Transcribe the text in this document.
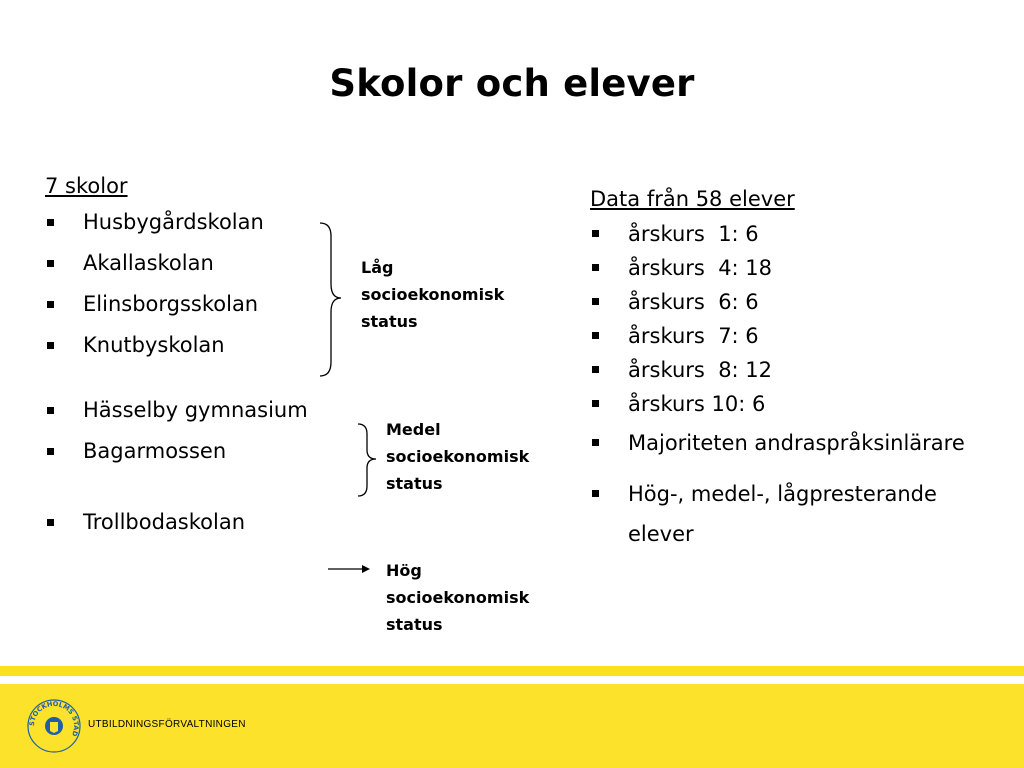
Skolor och elever
7 skolor
Husbygårdskolan
Akallaskolan
Elinsborgsskolan
Knutbyskolan
Hässelby gymnasium
Bagarmossen
Trollbodaskolan
Låg
socioekonomisk
status
Medel
socioekonomisk
status
Hög
socioekonomisk
status
Data från 58 elever
årskurs  1: 6
årskurs  4: 18
årskurs  6: 6
årskurs  7: 6
årskurs  8: 12
årskurs 10: 6
Majoriteten andraspråksinlärare
Hög-, medel-, lågpresterande
elever
STOCKHOLMS STAD
UTBILDNINGSFÖRVALTNINGEN
